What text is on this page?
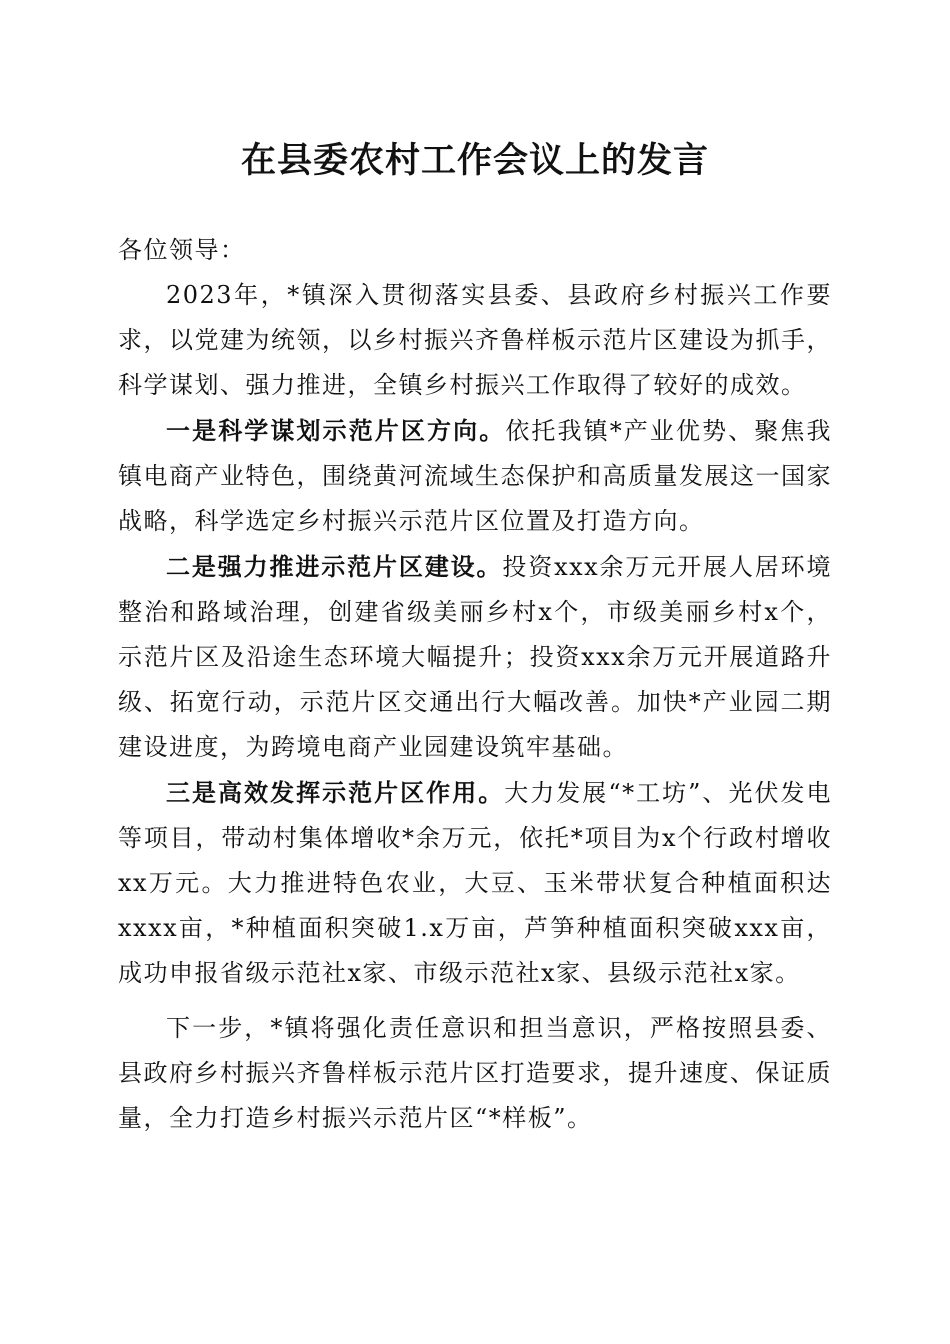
在县委农村工作会议上的发言

各位领导：

2023年，*镇深入贯彻落实县委、县政府乡村振兴工作要求，以党建为统领，以乡村振兴齐鲁样板示范片区建设为抓手，科学谋划、强力推进，全镇乡村振兴工作取得了较好的成效。

一是科学谋划示范片区方向。依托我镇*产业优势、聚焦我镇电商产业特色，围绕黄河流域生态保护和高质量发展这一国家战略，科学选定乡村振兴示范片区位置及打造方向。

二是强力推进示范片区建设。投资xxx余万元开展人居环境整治和路域治理，创建省级美丽乡村x个，市级美丽乡村x个，示范片区及沿途生态环境大幅提升；投资xxx余万元开展道路升级、拓宽行动，示范片区交通出行大幅改善。加快*产业园二期建设进度，为跨境电商产业园建设筑牢基础。

三是高效发挥示范片区作用。大力发展“*工坊”、光伏发电等项目，带动村集体增收*余万元，依托*项目为x个行政村增收xx万元。大力推进特色农业，大豆、玉米带状复合种植面积达xxxx亩，*种植面积突破1.x万亩，芦笋种植面积突破xxx亩，成功申报省级示范社x家、市级示范社x家、县级示范社x家。

下一步，*镇将强化责任意识和担当意识，严格按照县委、县政府乡村振兴齐鲁样板示范片区打造要求，提升速度、保证质量，全力打造乡村振兴示范片区“*样板”。
